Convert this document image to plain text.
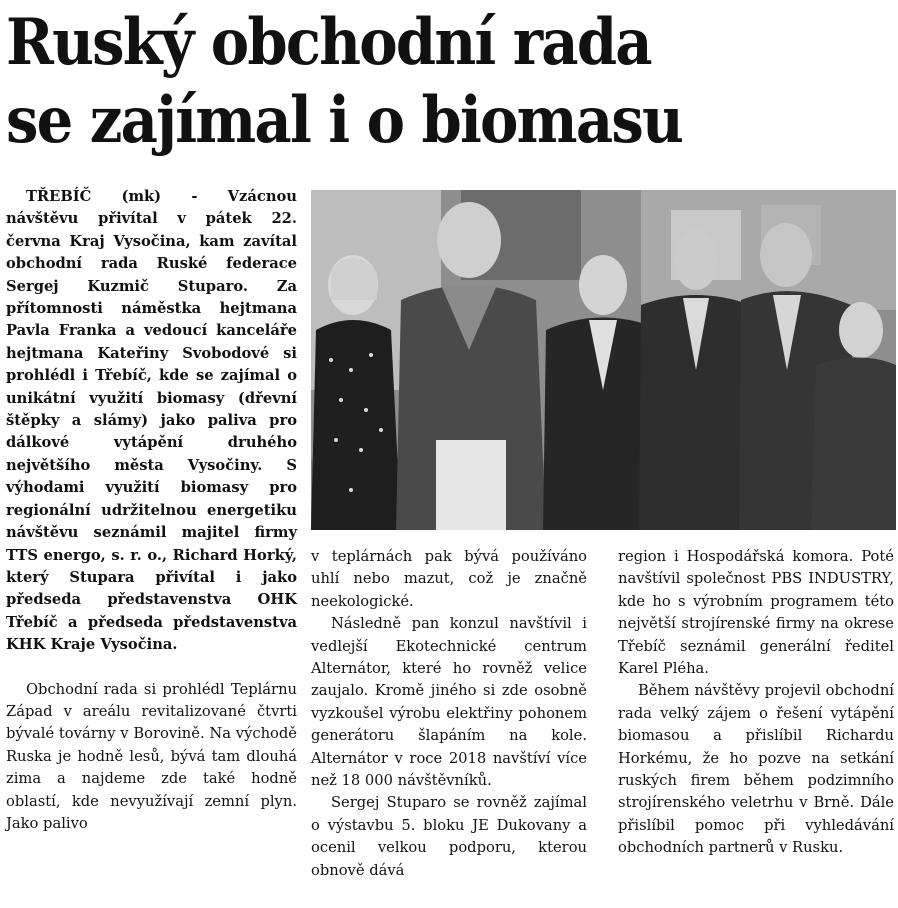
Ruský obchodní rada
se zajímal i o biomasu

TŘEBÍČ (mk) - Vzácnou návštěvu přivítal v pátek 22. června Kraj Vysočina, kam zavítal obchodní rada Ruské federace Sergej Kuzmič Stuparo. Za přítomnosti náměstka hejtmana Pavla Franka a vedoucí kanceláře hejtmana Kateřiny Svobodové si prohlédl i Třebíč, kde se zajímal o unikátní využití biomasy (dřevní štěpky a slámy) jako paliva pro dálkové vytápění druhého největšího města Vysočiny. S výhodami využití biomasy pro regionální udržitelnou energetiku návštěvu seznámil majitel firmy TTS energo, s. r. o., Richard Horký, který Stupara přivítal i jako předseda představenstva OHK Třebíč a předseda představenstva KHK Kraje Vysočina.

Obchodní rada si prohlédl Teplárnu Západ v areálu revitalizované čtvrti bývalé továrny v Borovině. Na východě Ruska je hodně lesů, bývá tam dlouhá zima a najdeme zde také hodně oblastí, kde nevyužívají zemní plyn. Jako palivo

v teplárnách pak bývá používáno uhlí nebo mazut, což je značně neekologické.

Následně pan konzul navštívil i vedlejší Ekotechnické centrum Alternátor, které ho rovněž velice zaujalo. Kromě jiného si zde osobně vyzkoušel výrobu elektřiny pohonem generátoru šlapáním na kole. Alternátor v roce 2018 navštíví více než 18 000 návštěvníků.

Sergej Stuparo se rovněž zajímal o výstavbu 5. bloku JE Dukovany a ocenil velkou podporu, kterou obnově dává

region i Hospodářská komora. Poté navštívil společnost PBS INDUSTRY, kde ho s výrobním programem této největší strojírenské firmy na okrese Třebíč seznámil generální ředitel Karel Pléha.

Během návštěvy projevil obchodní rada velký zájem o řešení vytápění biomasou a přislíbil Richardu Horkému, že ho pozve na setkání ruských firem během podzimního strojírenského veletrhu v Brně. Dále přislíbil pomoc při vyhledávání obchodních partnerů v Rusku.
